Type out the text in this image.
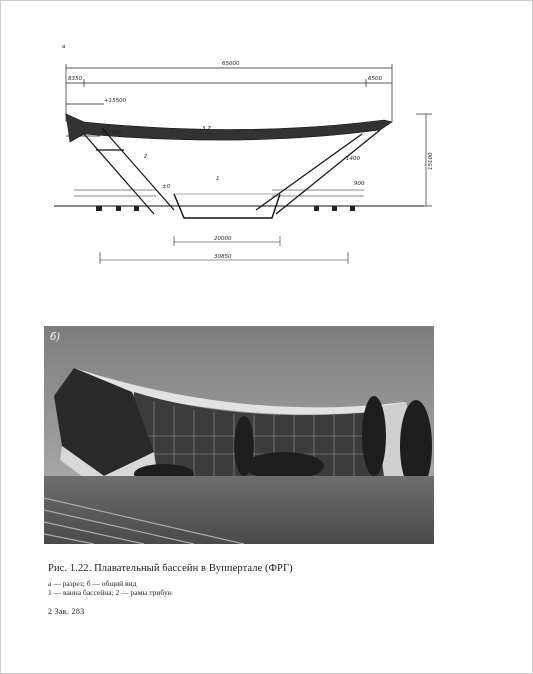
а
65000
8350	6500
+15500
+11600
3.7
±0
15100
1400
900
20000
30850
1
2
б)

Рис. 1.22. Плавательный бассейн в Вуппертале (ФРГ)

а — разрез; б — общий вид

1 — ванна бассейна; 2 — рамы трибун

2 Зак. 283
